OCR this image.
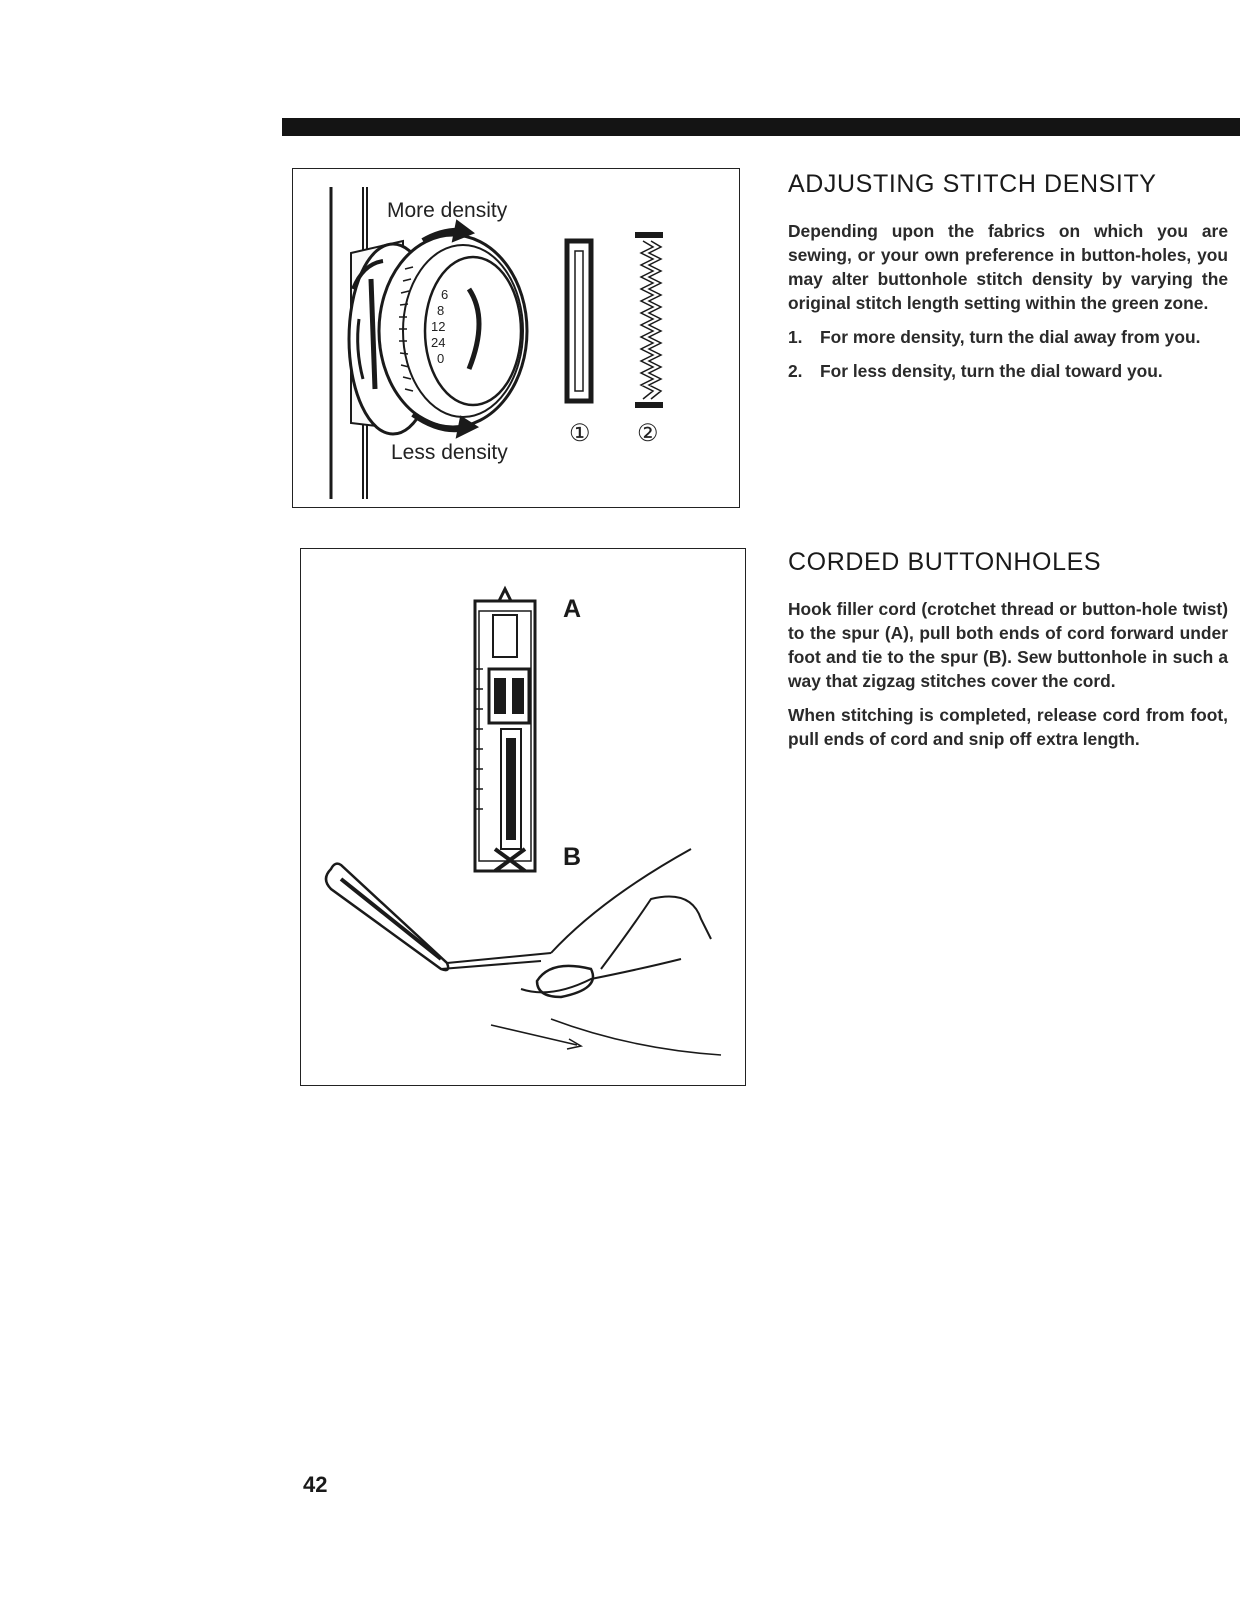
More density
Less density
6
8
12
24
0
① ②
A
B
ADJUSTING STITCH DENSITY

Depending upon the fabrics on which you are sewing, or your own preference in button-holes, you may alter buttonhole stitch density by varying the original stitch length setting within the green zone.

1.	For more density, turn the dial away from you.
2.	For less density, turn the dial toward you.
CORDED BUTTONHOLES

Hook filler cord (crotchet thread or button-hole twist) to the spur (A), pull both ends of cord forward under foot and tie to the spur (B). Sew buttonhole in such a way that zigzag stitches cover the cord.

When stitching is completed, release cord from foot, pull ends of cord and snip off extra length.

42
